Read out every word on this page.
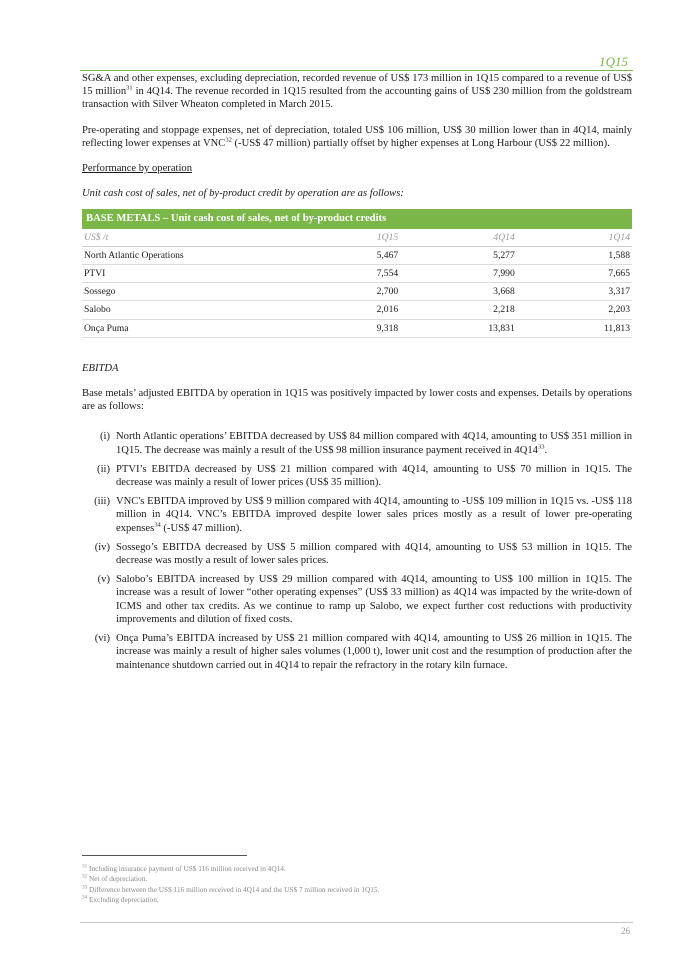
1Q15

SG&A and other expenses, excluding depreciation, recorded revenue of US$ 173 million in 1Q15 compared to a revenue of US$ 15 million$^{31}$ in 4Q14. The revenue recorded in 1Q15 resulted from the accounting gains of US$ 230 million from the goldstream transaction with Silver Wheaton completed in March 2015.

Pre-operating and stoppage expenses, net of depreciation, totaled US$ 106 million, US$ 30 million lower than in 4Q14, mainly reflecting lower expenses at VNC$^{32}$ (-US$ 47 million) partially offset by higher expenses at Long Harbour (US$ 22 million).

Performance by operation

Unit cash cost of sales, net of by-product credit by operation are as follows:

BASE METALS – Unit cash cost of sales, net of by-product credits			
US$ /t	1Q15	4Q14	1Q14
North Atlantic Operations	5,467	5,277	1,588
PTVI	7,554	7,990	7,665
Sossego	2,700	3,668	3,317
Salobo	2,016	2,218	2,203
Onça Puma	9,318	13,831	11,813

EBITDA

Base metals’ adjusted EBITDA by operation in 1Q15 was positively impacted by lower costs and expenses. Details by operations are as follows:

(i) North Atlantic operations’ EBITDA decreased by US$ 84 million compared with 4Q14, amounting to US$ 351 million in 1Q15. The decrease was mainly a result of the US$ 98 million insurance payment received in $4Q14^{33}$.
(ii) PTVI’s EBITDA decreased by US$ 21 million compared with 4Q14, amounting to US$ 70 million in 1Q15. The decrease was mainly a result of lower prices (US$ 35 million).
(iii) VNC's EBITDA improved by US$ 9 million compared with 4Q14, amounting to -US$ 109 million in 1Q15 vs. -US$ 118 million in 4Q14. VNC’s EBITDA improved despite lower sales prices mostly as a result of lower pre-operating expenses$^{34}$ (-US$ 47 million).
(iv) Sossego’s EBITDA decreased by US$ 5 million compared with 4Q14, amounting to US$ 53 million in 1Q15. The decrease was mostly a result of lower sales prices.
(v) Salobo’s EBITDA increased by US$ 29 million compared with 4Q14, amounting to US$ 100 million in 1Q15. The increase was a result of lower “other operating expenses” (US$ 33 million) as 4Q14 was impacted by the write-down of ICMS and other tax credits. As we continue to ramp up Salobo, we expect further cost reductions with productivity improvements and dilution of fixed costs.
(vi) Onça Puma’s EBITDA increased by US$ 21 million compared with 4Q14, amounting to US$ 26 million in 1Q15. The increase was mainly a result of higher sales volumes (1,000 t), lower unit cost and the resumption of production after the maintenance shutdown carried out in 4Q14 to repair the refractory in the rotary kiln furnace.
$^{31}$ Including insurance payment of US$ 116 million received in 4Q14.
$^{32}$ Net of depreciation.
$^{33}$ Difference between the US$ 116 million received in 4Q14 and the US$ 7 million received in 1Q15.
$^{34}$ Excluding depreciation.
26
